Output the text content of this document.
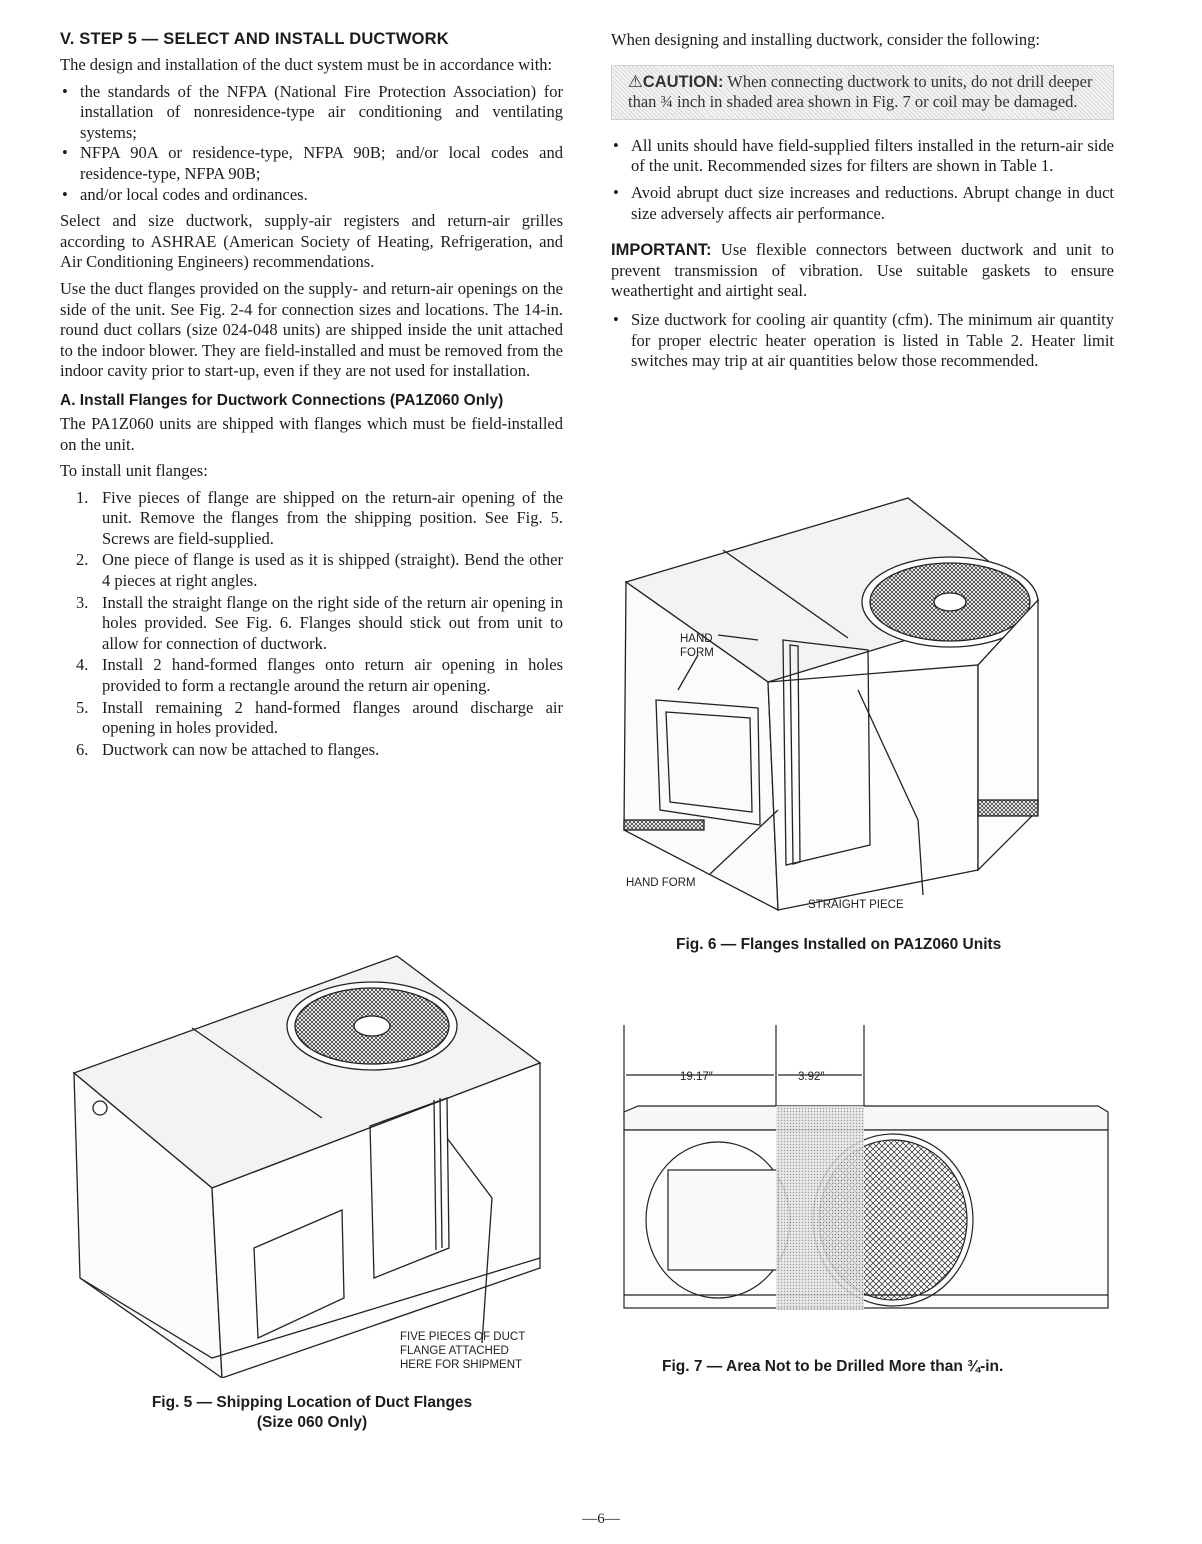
V. STEP 5 — SELECT AND INSTALL DUCTWORK

The design and installation of the duct system must be in accordance with:

• the standards of the NFPA (National Fire Protection Association) for installation of nonresidence-type air conditioning and ventilating systems;
• NFPA 90A or residence-type, NFPA 90B; and/or local codes and residence-type, NFPA 90B;
• and/or local codes and ordinances.

Select and size ductwork, supply-air registers and return-air grilles according to ASHRAE (American Society of Heating, Refrigeration, and Air Conditioning Engineers) recommendations.

Use the duct flanges provided on the supply- and return-air openings on the side of the unit. See Fig. 2-4 for connection sizes and locations. The 14-in. round duct collars (size 024-048 units) are shipped inside the unit attached to the indoor blower. They are field-installed and must be removed from the indoor cavity prior to start-up, even if they are not used for installation.

A. Install Flanges for Ductwork Connections (PA1Z060 Only)

The PA1Z060 units are shipped with flanges which must be field-installed on the unit.

To install unit flanges:

1. Five pieces of flange are shipped on the return-air opening of the unit. Remove the flanges from the shipping position. See Fig. 5. Screws are field-supplied.
2. One piece of flange is used as it is shipped (straight). Bend the other 4 pieces at right angles.
3. Install the straight flange on the right side of the return air opening in holes provided. See Fig. 6. Flanges should stick out from unit to allow for connection of ductwork.
4. Install 2 hand-formed flanges onto return air opening in holes provided to form a rectangle around the return air opening.
5. Install remaining 2 hand-formed flanges around discharge air opening in holes provided.
6. Ductwork can now be attached to flanges.

When designing and installing ductwork, consider the following:

⚠CAUTION: When connecting ductwork to units, do not drill deeper than ¾ inch in shaded area shown in Fig. 7 or coil may be damaged.
• All units should have field-supplied filters installed in the return-air side of the unit. Recommended sizes for filters are shown in Table 1.
• Avoid abrupt duct size increases and reductions. Abrupt change in duct size adversely affects air performance.

IMPORTANT: Use flexible connectors between ductwork and unit to prevent transmission of vibration. Use suitable gaskets to ensure weathertight and airtight seal.

• Size ductwork for cooling air quantity (cfm). The minimum air quantity for proper electric heater operation is listed in Table 2. Heater limit switches may trip at air quantities below those recommended.
FIVE PIECES OF DUCT
FLANGE ATTACHED
HERE FOR SHIPMENT
Fig. 5 — Shipping Location of Duct Flanges
(Size 060 Only)
HAND
FORM
HAND FORM
STRAIGHT PIECE
Fig. 6 — Flanges Installed on PA1Z060 Units
19.17″	3.92″
Fig. 7 — Area Not to be Drilled More than ¾-in.
—6—
